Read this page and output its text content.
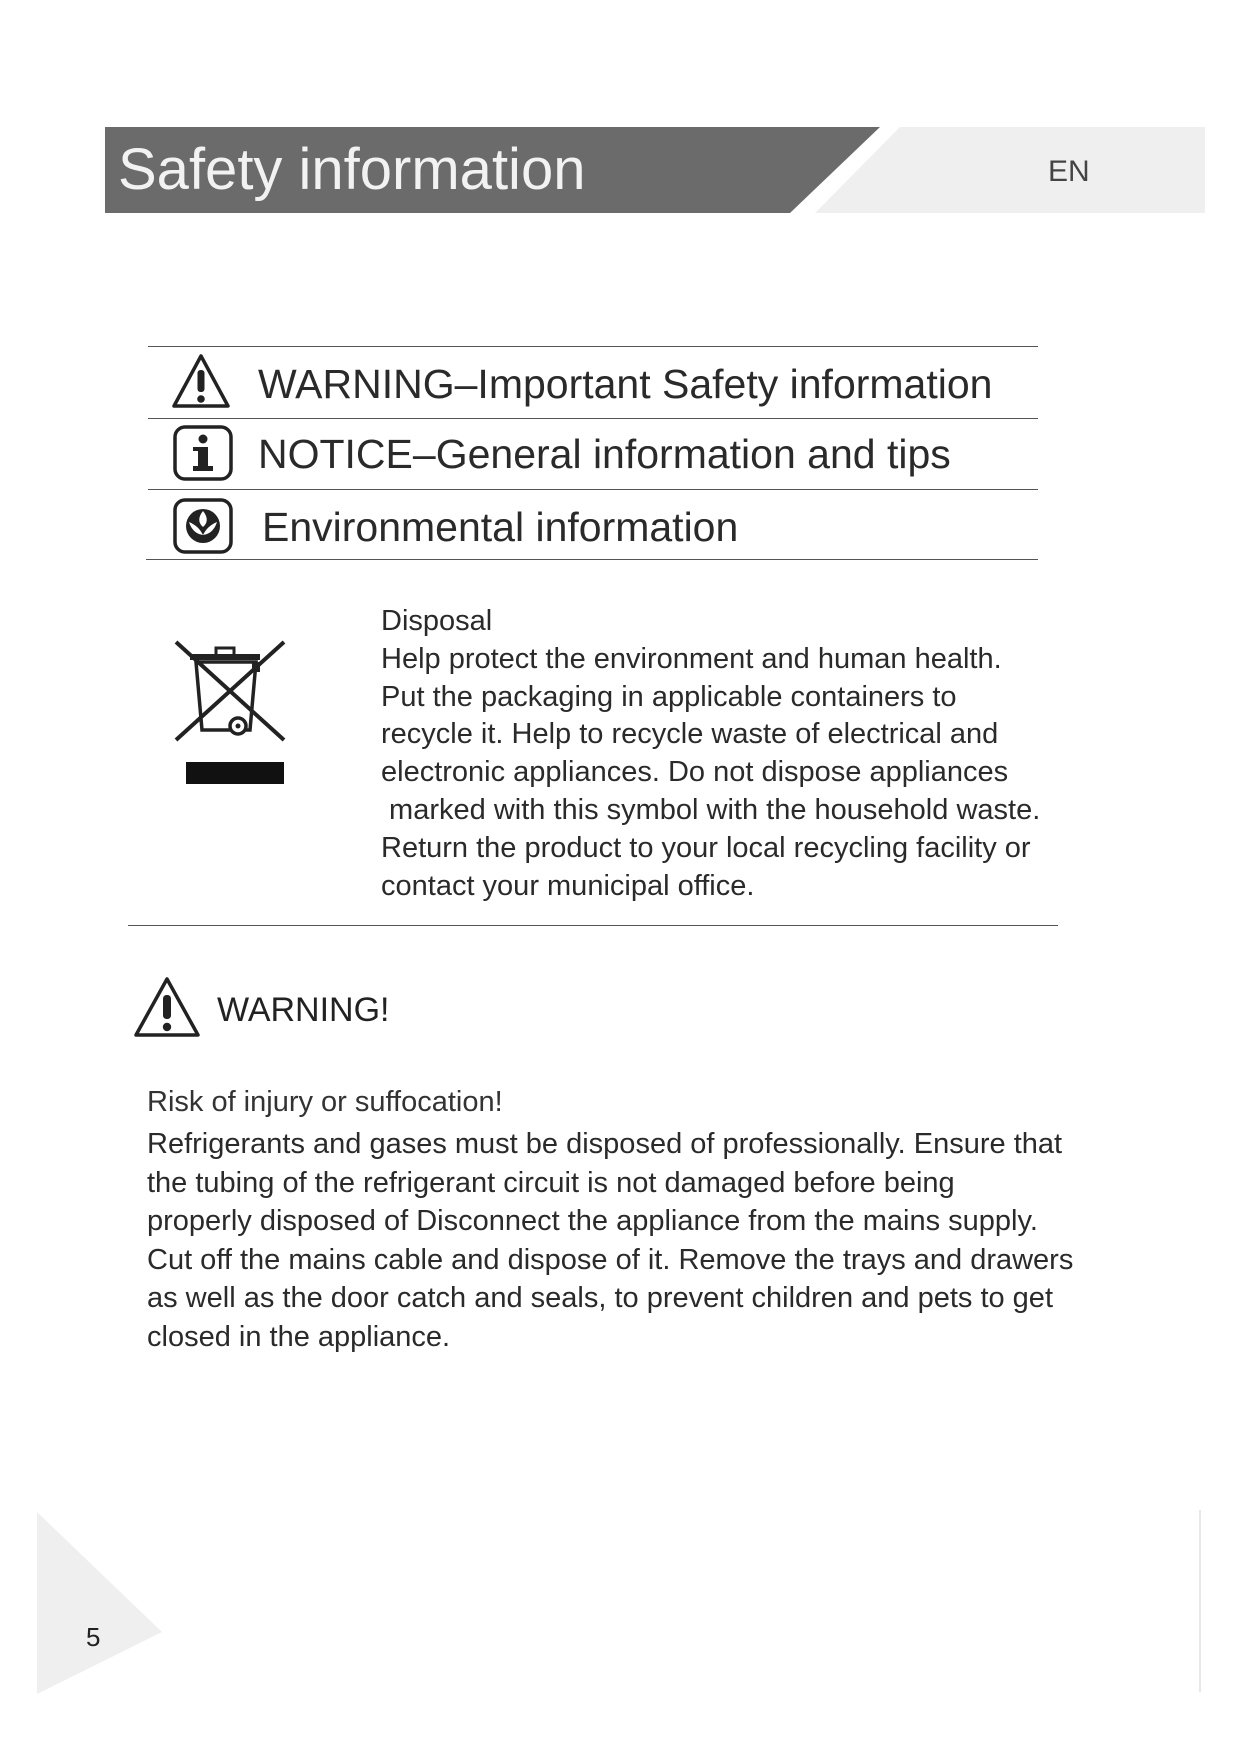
Safety information	EN
WARNING–Important Safety information
NOTICE–General information and tips
Environmental information
Disposal
Help protect the environment and human health.
Put the packaging in applicable containers to
recycle it. Help to recycle waste of electrical and
electronic appliances. Do not dispose appliances
marked with this symbol with the household waste.
Return the product to your local recycling facility or
contact your municipal office.
WARNING!
Risk of injury or suffocation!
Refrigerants and gases must be disposed of professionally. Ensure that
the tubing of the refrigerant circuit is not damaged before being
properly disposed of Disconnect the appliance from the mains supply.
Cut off the mains cable and dispose of it. Remove the trays and drawers
as well as the door catch and seals, to prevent children and pets to get
closed in the appliance.
5
